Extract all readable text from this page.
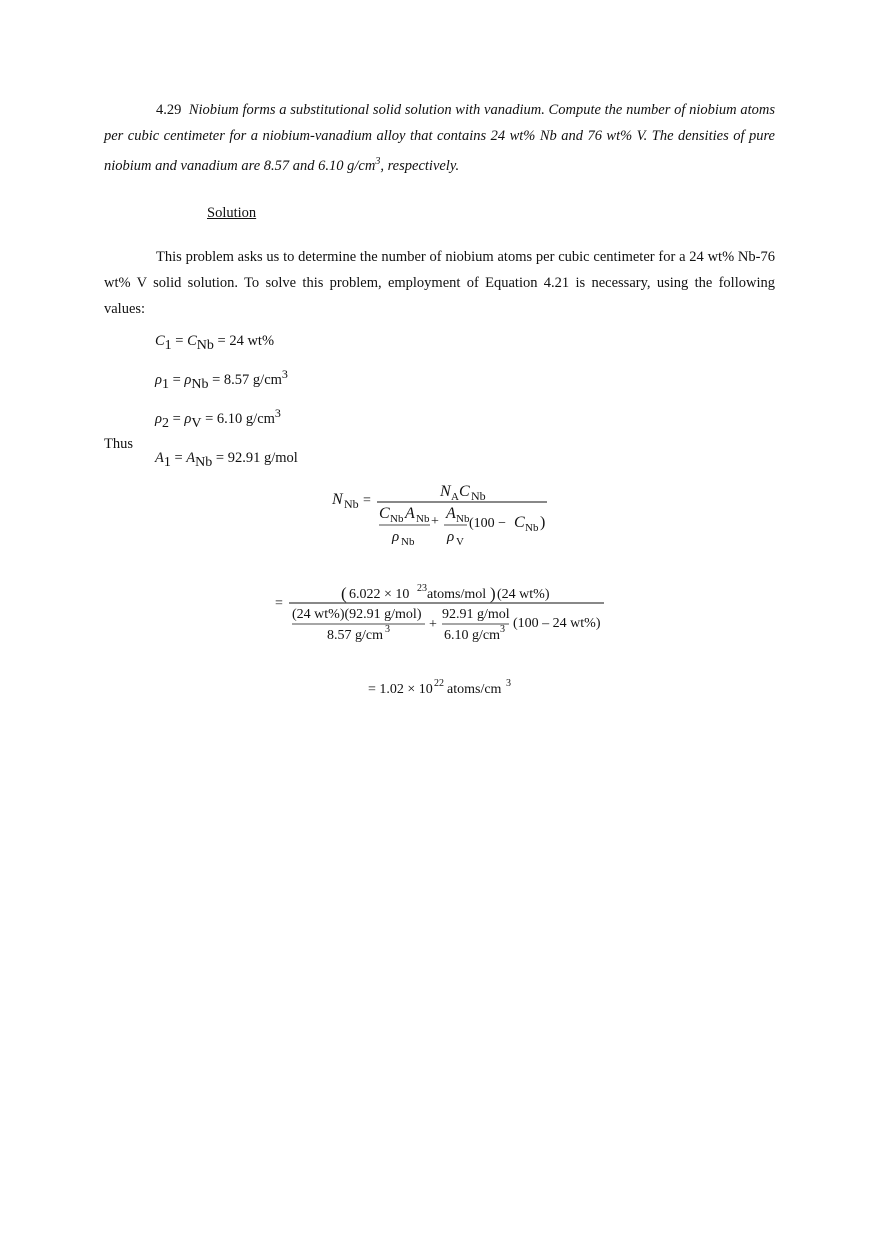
4.29 Niobium forms a substitutional solid solution with vanadium. Compute the number of niobium atoms per cubic centimeter for a niobium-vanadium alloy that contains 24 wt% Nb and 76 wt% V. The densities of pure niobium and vanadium are 8.57 and 6.10 $g/cm^3$, respectively.
Solution
This problem asks us to determine the number of niobium atoms per cubic centimeter for a 24 wt% Nb-76 wt% V solid solution. To solve this problem, employment of Equation 4.21 is necessary, using the following values:
$C_1 = C_{Nb} = 24$ wt%
$\rho_1 = \rho_{Nb} = 8.57$ $g/cm^3$
$\rho_2 = \rho_V = 6.10$ $g/cm^3$
$A_1 = A_{Nb} = 92.91$ g/mol
Thus
N Nb =
N A C Nb
C Nb A Nb
ρ Nb
+ A Nb
ρ V
(100 − C Nb )
=
( 6.022 × 10 23 atoms/mol ) (24 wt%)
(24 wt%)(92.91 g/mol)
8.57 g/cm 3	+
92.91 g/mol
6.10 g/cm 3 (100 – 24 wt%)
= 1.02 × 10 22 atoms/cm 3
